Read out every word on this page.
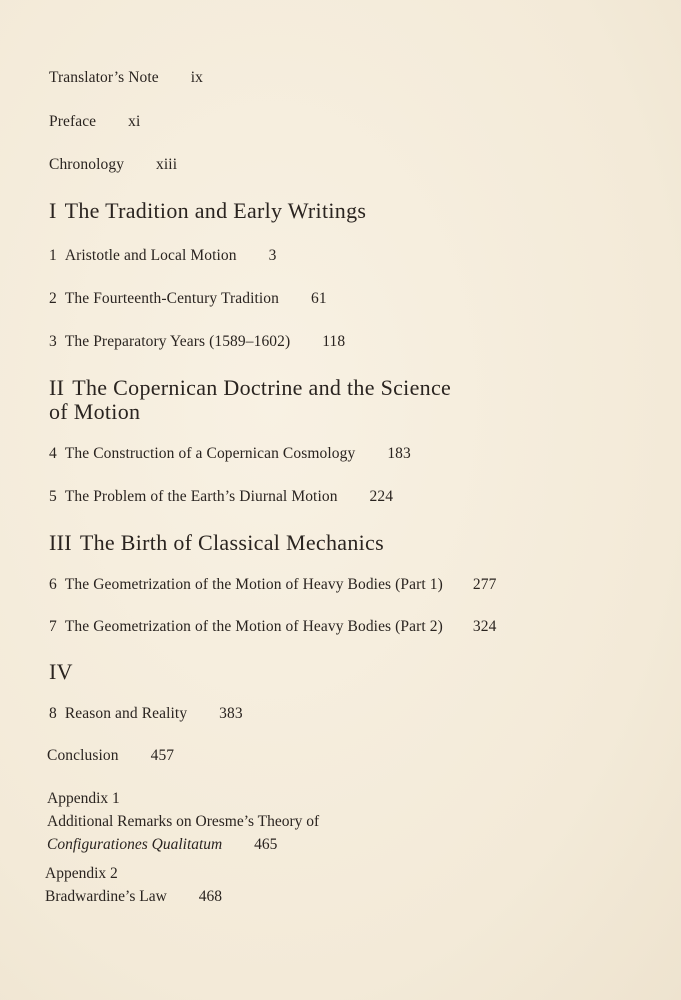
Translator’s Note ix
Preface xi
Chronology xiii
I The Tradition and Early Writings
1 Aristotle and Local Motion 3
2 The Fourteenth-Century Tradition 61
3 The Preparatory Years (1589–1602) 118
II The Copernican Doctrine and the Science
of Motion
4 The Construction of a Copernican Cosmology 183
5 The Problem of the Earth’s Diurnal Motion 224
III The Birth of Classical Mechanics
6 The Geometrization of the Motion of Heavy Bodies (Part 1) 277
7 The Geometrization of the Motion of Heavy Bodies (Part 2) 324
IV
8 Reason and Reality 383
Conclusion 457
Appendix 1
Additional Remarks on Oresme’s Theory of
Configurationes Qualitatum 465
Appendix 2
Bradwardine’s Law 468
